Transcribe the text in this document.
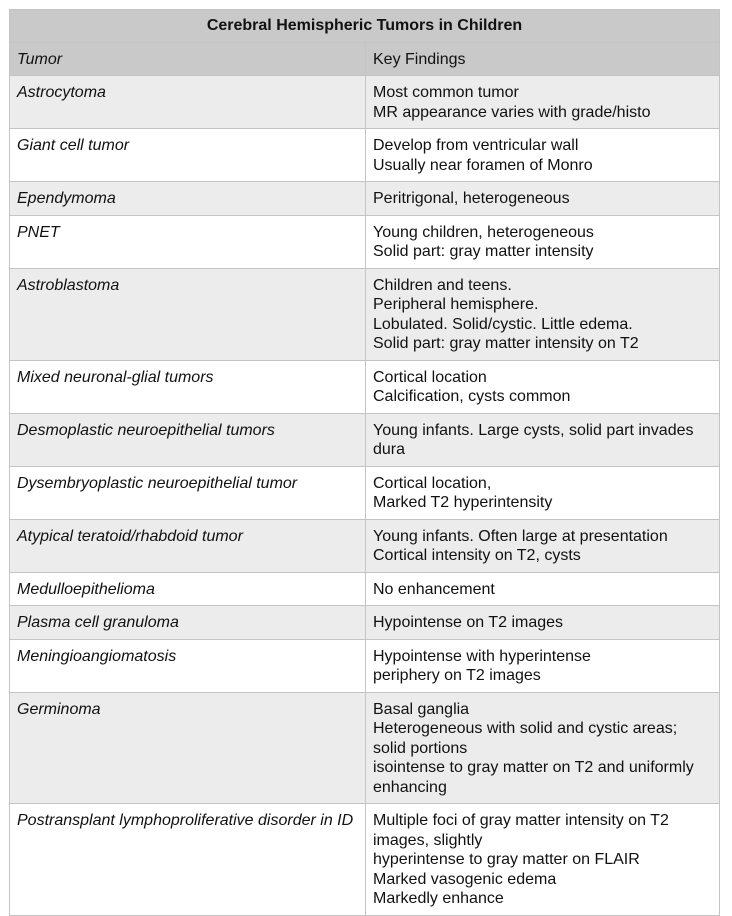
Cerebral Hemispheric Tumors in Children	
Tumor	Key Findings
Astrocytoma	Most common tumor
MR appearance varies with grade/histo

Giant cell tumor	Develop from ventricular wall
Usually near foramen of Monro

Ependymoma	Peritrigonal, heterogeneous

PNET	Young children, heterogeneous
Solid part: gray matter intensity

Astroblastoma	Children and teens.
Peripheral hemisphere.
Lobulated. Solid/cystic. Little edema.
Solid part: gray matter intensity on T2

Mixed neuronal-glial tumors	Cortical location
Calcification, cysts common

Desmoplastic neuroepithelial tumors	Young infants. Large cysts, solid part invades dura

Dysembryoplastic neuroepithelial tumor	Cortical location,
Marked T2 hyperintensity

Atypical teratoid/rhabdoid tumor	Young infants. Often large at presentation
Cortical intensity on T2, cysts

Medulloepithelioma	No enhancement

Plasma cell granuloma	Hypointense on T2 images

Meningioangiomatosis	Hypointense with hyperintense
periphery on T2 images

Germinoma	Basal ganglia
Heterogeneous with solid and cystic areas; solid portions
isointense to gray matter on T2 and uniformly enhancing

Postransplant lymphoproliferative disorder in ID	Multiple foci of gray matter intensity on T2 images, slightly
hyperintense to gray matter on FLAIR
Marked vasogenic edema
Markedly enhance
